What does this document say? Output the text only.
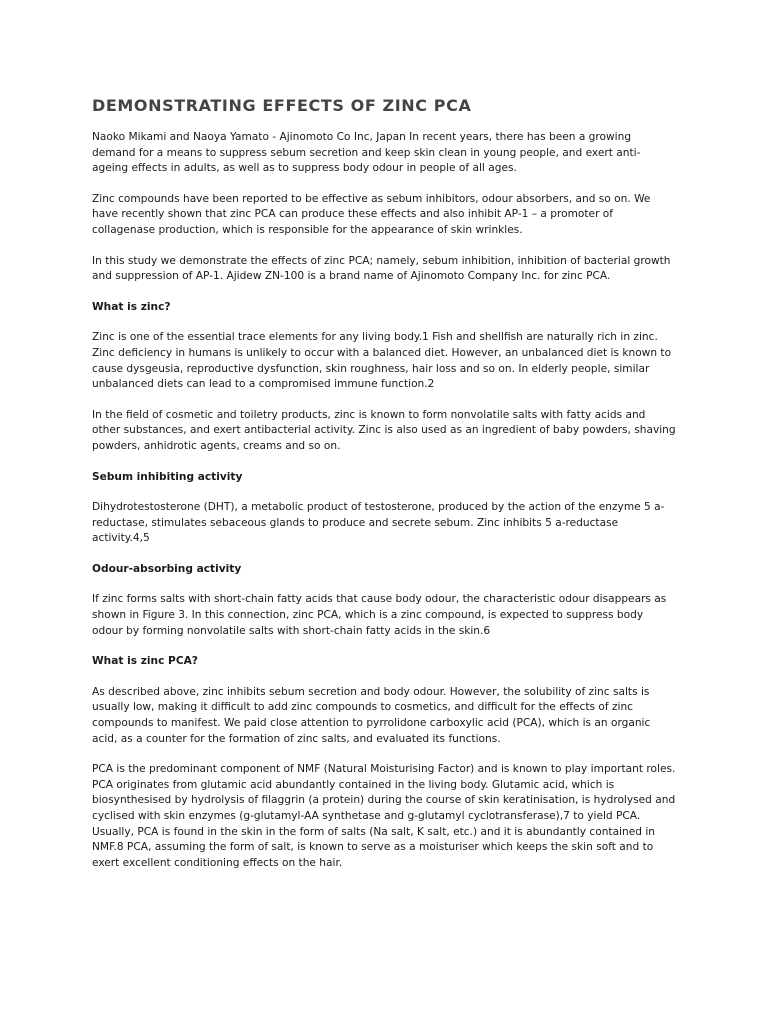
DEMONSTRATING EFFECTS OF ZINC PCA

Naoko Mikami and Naoya Yamato - Ajinomoto Co Inc, Japan In recent years, there has been a growing demand for a means to suppress sebum secretion and keep skin clean in young people, and exert anti-ageing effects in adults, as well as to suppress body odour in people of all ages.

Zinc compounds have been reported to be effective as sebum inhibitors, odour absorbers, and so on. We have recently shown that zinc PCA can produce these effects and also inhibit AP-1 – a promoter of collagenase production, which is responsible for the appearance of skin wrinkles.

In this study we demonstrate the effects of zinc PCA; namely, sebum inhibition, inhibition of bacterial growth and suppression of AP-1. Ajidew ZN-100 is a brand name of Ajinomoto Company Inc. for zinc PCA.

What is zinc?

Zinc is one of the essential trace elements for any living body.1 Fish and shellfish are naturally rich in zinc. Zinc deficiency in humans is unlikely to occur with a balanced diet. However, an unbalanced diet is known to cause dysgeusia, reproductive dysfunction, skin roughness, hair loss and so on. In elderly people, similar unbalanced diets can lead to a compromised immune function.2

In the field of cosmetic and toiletry products, zinc is known to form nonvolatile salts with fatty acids and other substances, and exert antibacterial activity. Zinc is also used as an ingredient of baby powders, shaving powders, anhidrotic agents, creams and so on.

Sebum inhibiting activity

Dihydrotestosterone (DHT), a metabolic product of testosterone, produced by the action of the enzyme 5 a-reductase, stimulates sebaceous glands to produce and secrete sebum. Zinc inhibits 5 a-reductase activity.4,5

Odour-absorbing activity

If zinc forms salts with short-chain fatty acids that cause body odour, the characteristic odour disappears as shown in Figure 3. In this connection, zinc PCA, which is a zinc compound, is expected to suppress body odour by forming nonvolatile salts with short-chain fatty acids in the skin.6

What is zinc PCA?

As described above, zinc inhibits sebum secretion and body odour. However, the solubility of zinc salts is usually low, making it difficult to add zinc compounds to cosmetics, and difficult for the effects of zinc compounds to manifest. We paid close attention to pyrrolidone carboxylic acid (PCA), which is an organic acid, as a counter for the formation of zinc salts, and evaluated its functions.

PCA is the predominant component of NMF (Natural Moisturising Factor) and is known to play important roles. PCA originates from glutamic acid abundantly contained in the living body. Glutamic acid, which is biosynthesised by hydrolysis of filaggrin (a protein) during the course of skin keratinisation, is hydrolysed and cyclised with skin enzymes (g-glutamyl-AA synthetase and g-glutamyl cyclotransferase),7 to yield PCA. Usually, PCA is found in the skin in the form of salts (Na salt, K salt, etc.) and it is abundantly contained in NMF.8 PCA, assuming the form of salt, is known to serve as a moisturiser which keeps the skin soft and to exert excellent conditioning effects on the hair.
